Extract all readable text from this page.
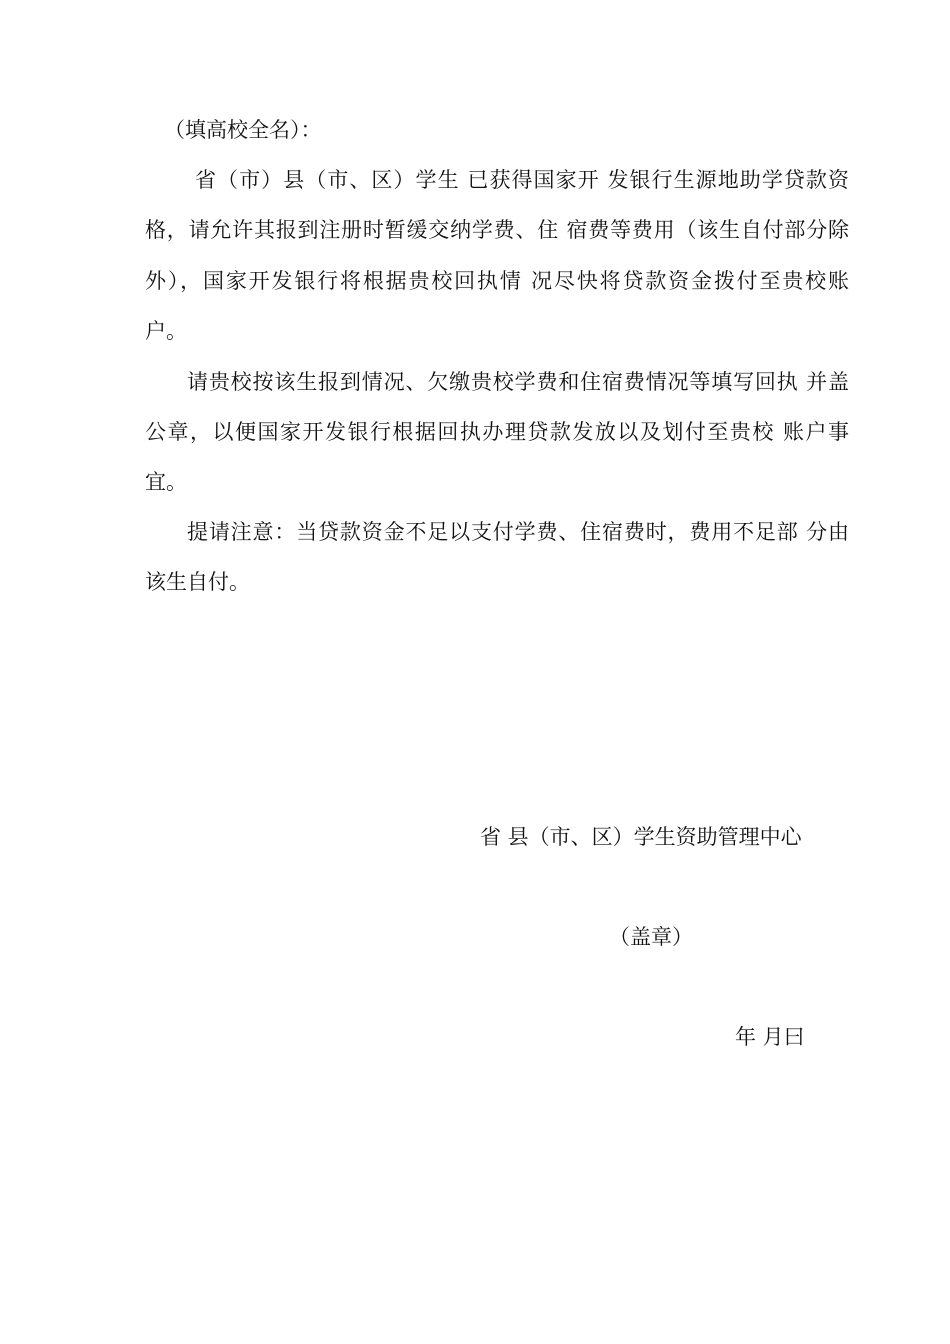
（填高校全名）：
省（市）县（市、区）学生 已获得国家开 发银行生源地助学贷款资
格，请允许其报到注册时暂缓交纳学费、住 宿费等费用（该生自付部分除
外），国家开发银行将根据贵校回执情 况尽快将贷款资金拨付至贵校账
户。
请贵校按该生报到情况、欠缴贵校学费和住宿费情况等填写回执 并盖
公章，以便国家开发银行根据回执办理贷款发放以及划付至贵校 账户事
宜。
提请注意：当贷款资金不足以支付学费、住宿费时，费用不足部 分由
该生自付。
省 县（市、区）学生资助管理中心
（盖章）
年 月曰
